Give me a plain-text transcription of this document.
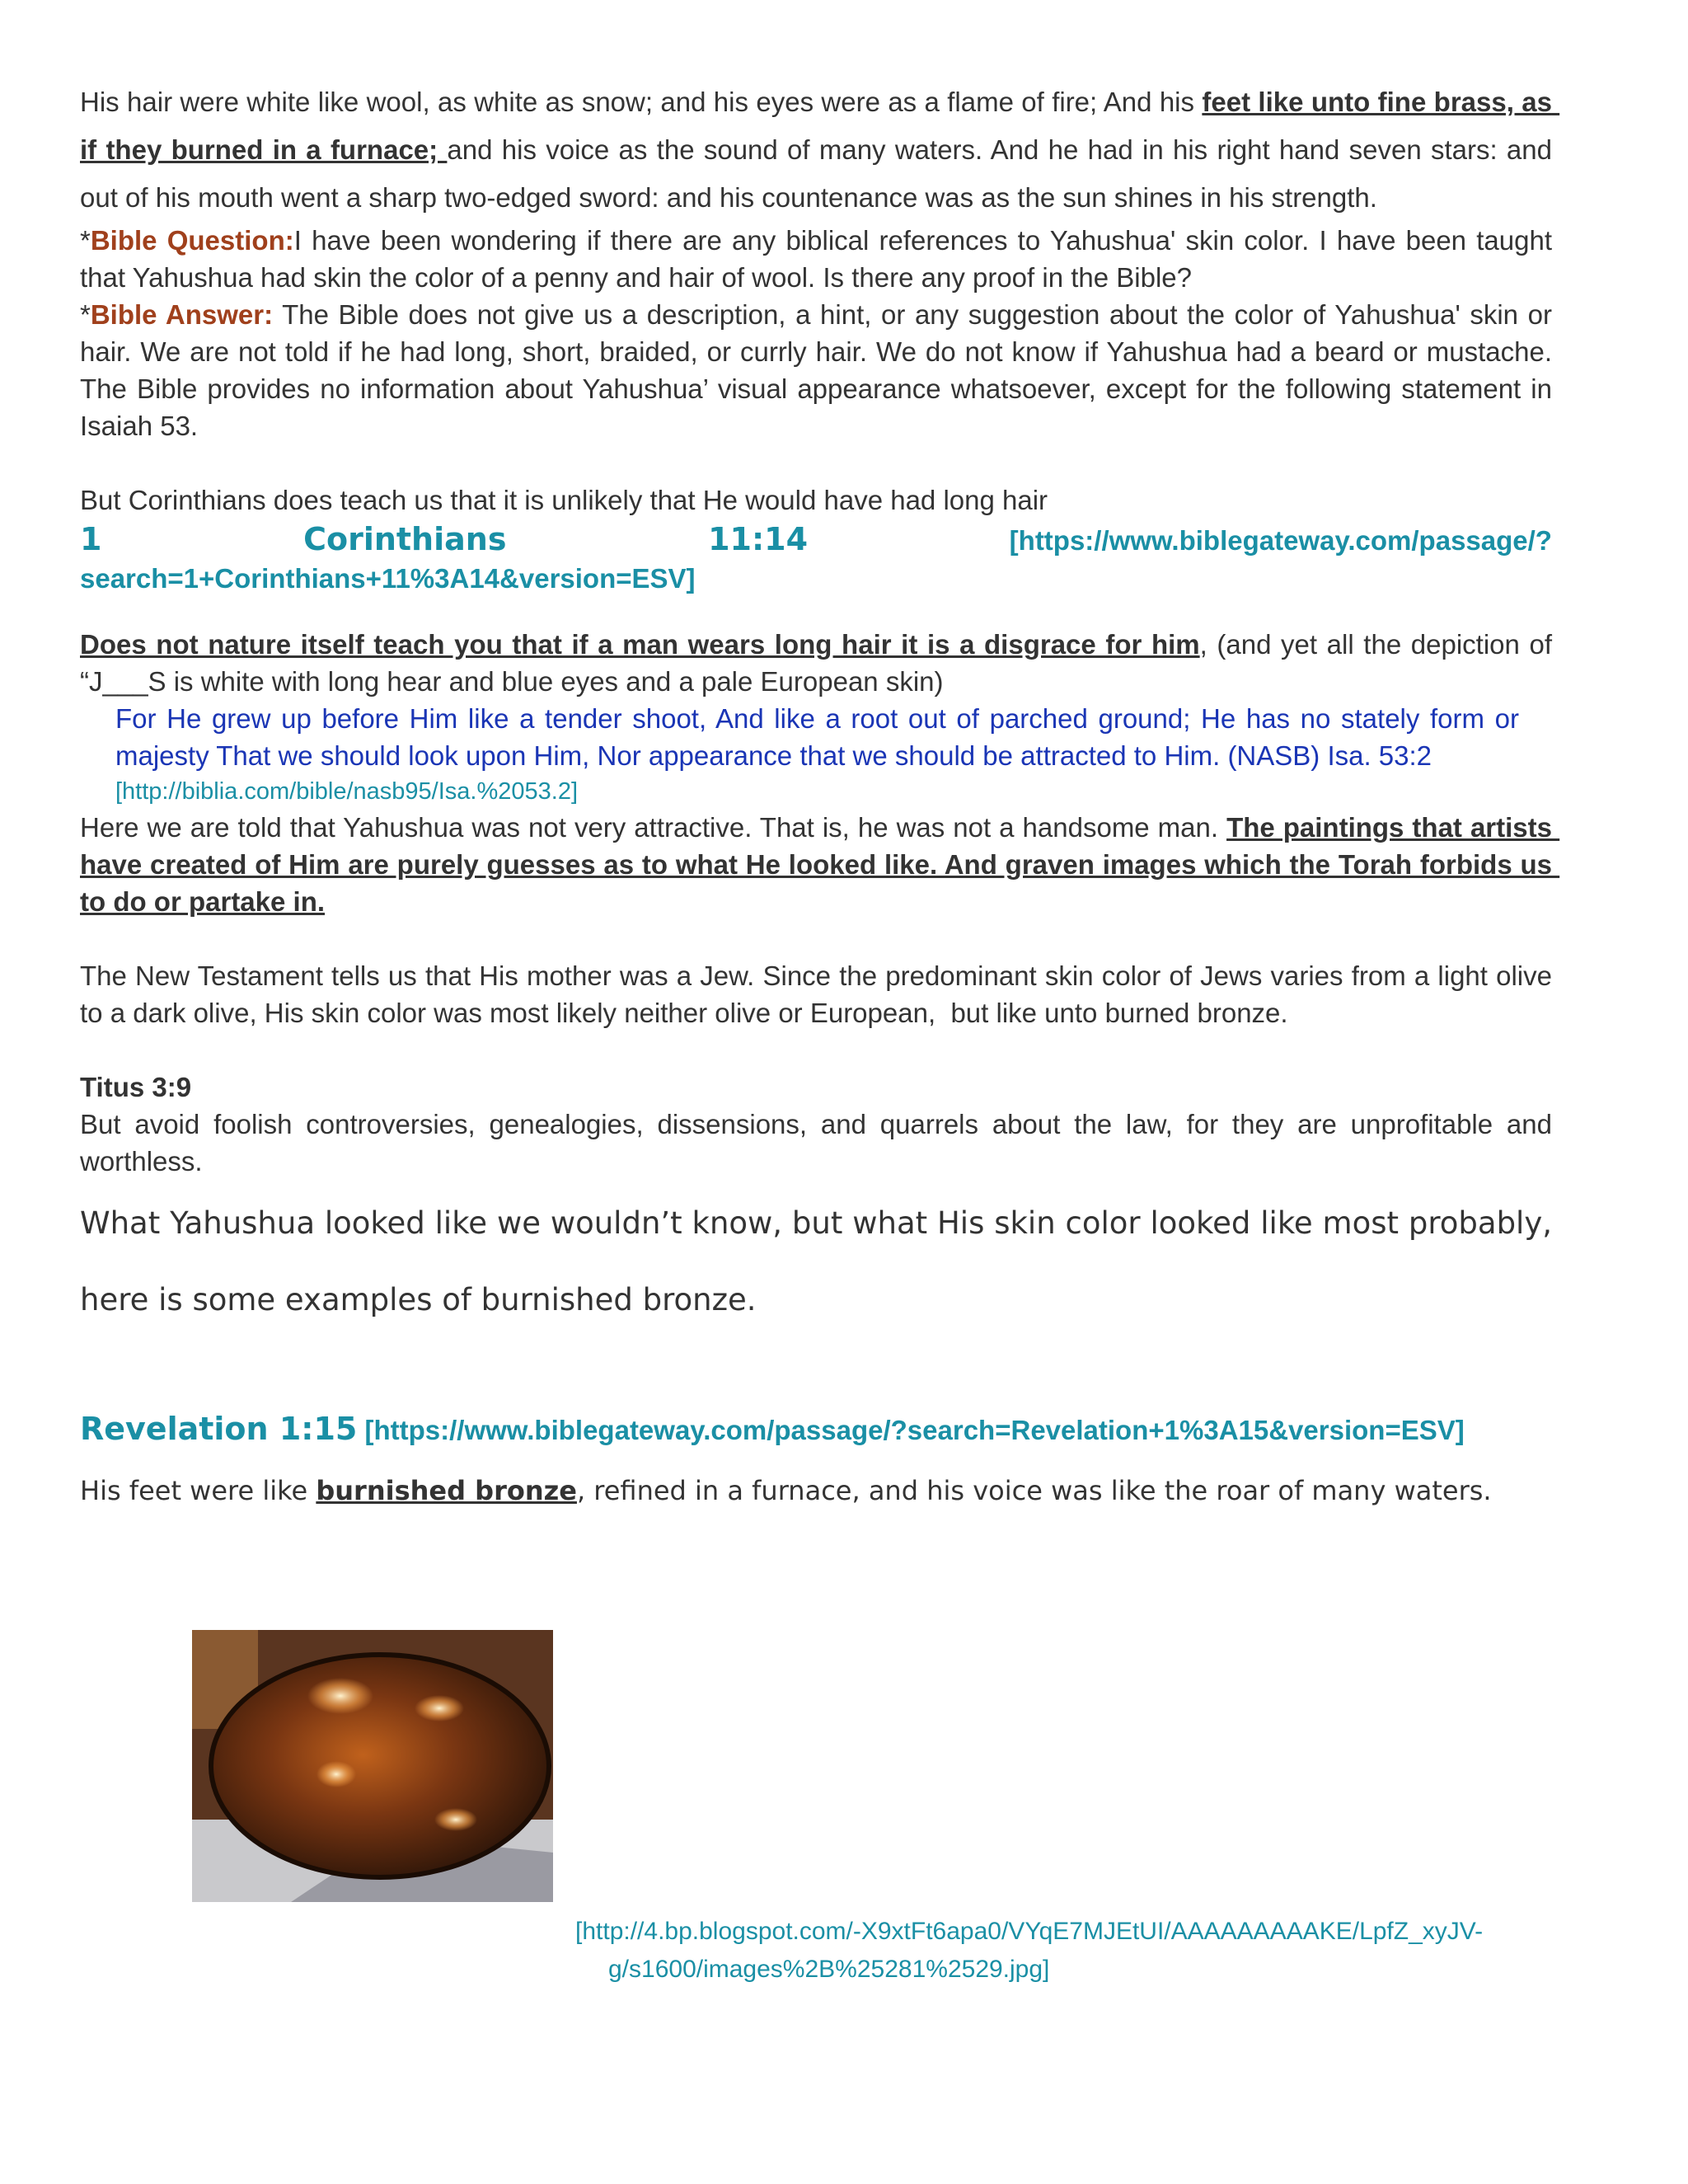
His hair were white like wool, as white as snow; and his eyes were as a flame of fire; And his feet like unto fine brass, as if they burned in a furnace; and his voice as the sound of many waters. And he had in his right hand seven stars: and out of his mouth went a sharp two-edged sword: and his countenance was as the sun shines in his strength.
*Bible Question:I have been wondering if there are any biblical references to Yahushua' skin color. I have been taught that Yahushua had skin the color of a penny and hair of wool. Is there any proof in the Bible?
*Bible Answer: The Bible does not give us a description, a hint, or any suggestion about the color of Yahushua' skin or hair. We are not told if he had long, short, braided, or currly hair. We do not know if Yahushua had a beard or mustache. The Bible provides no information about Yahushua’ visual appearance whatsoever, except for the following statement in Isaiah 53.
But Corinthians does teach us that it is unlikely that He would have had long hair
1	Corinthians	11:14	[https://www.biblegateway.com/passage/?
search=1+Corinthians+11%3A14&version=ESV]
Does not nature itself teach you that if a man wears long hair it is a disgrace for him, (and yet all the depiction of “J___S is white with long hear and blue eyes and a pale European skin)
For He grew up before Him like a tender shoot, And like a root out of parched ground; He has no stately form or majesty That we should look upon Him, Nor appearance that we should be attracted to Him. (NASB) Isa. 53:2
[http://biblia.com/bible/nasb95/Isa.%2053.2]
Here we are told that Yahushua was not very attractive. That is, he was not a handsome man. The paintings that artists have created of Him are purely guesses as to what He looked like. And graven images which the Torah forbids us to do or partake in.
The New Testament tells us that His mother was a Jew. Since the predominant skin color of Jews varies from a light olive to a dark olive, His skin color was most likely neither olive or European,  but like unto burned bronze.
Titus 3:9
But avoid foolish controversies, genealogies, dissensions, and quarrels about the law, for they are unprofitable and worthless.
What Yahushua looked like we wouldn’t know, but what His skin color looked like most probably, here is some examples of burnished bronze.
Revelation 1:15 [https://www.biblegateway.com/passage/?search=Revelation+1%3A15&version=ESV]
His feet were like burnished bronze, refined in a furnace, and his voice was like the roar of many waters.
[http://4.bp.blogspot.com/-X9xtFt6apa0/VYqE7MJEtUI/AAAAAAAAAKE/LpfZ_xyJV-
g/s1600/images%2B%25281%2529.jpg]
